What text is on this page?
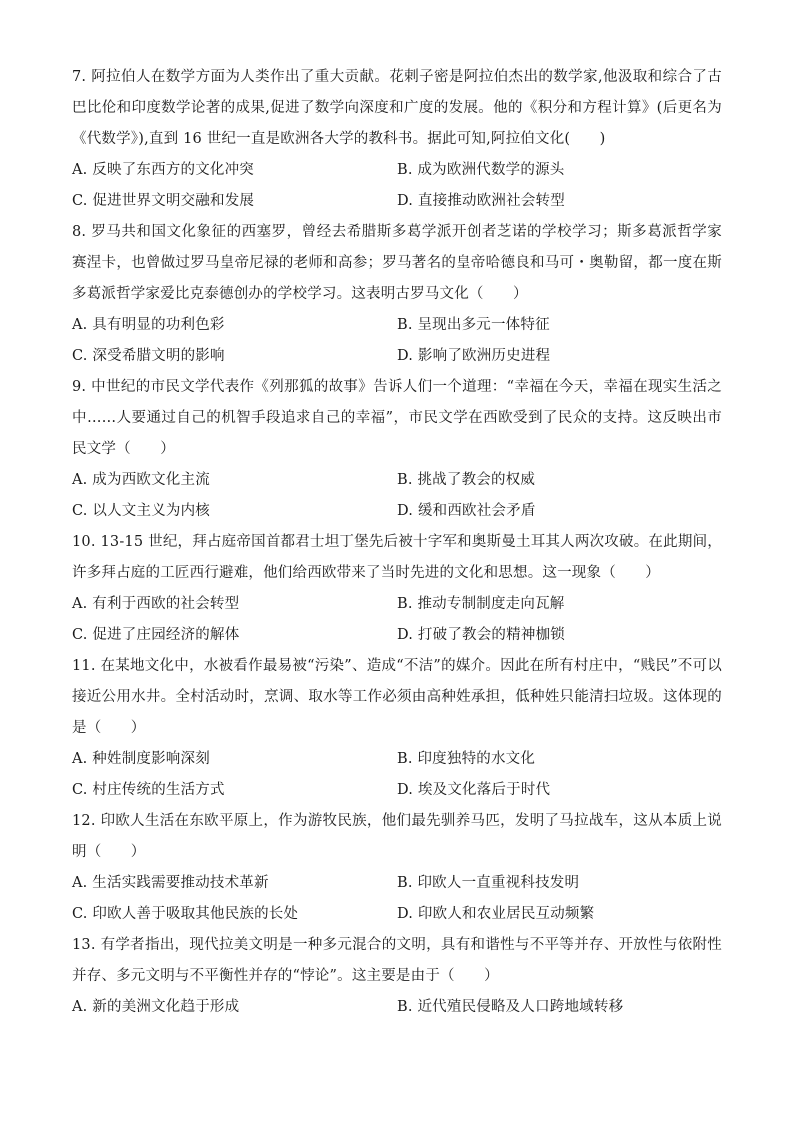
7. 阿拉伯人在数学方面为人类作出了重大贡献。花剌子密是阿拉伯杰出的数学家,他汲取和综合了古巴比伦和印度数学论著的成果,促进了数学向深度和广度的发展。他的《积分和方程计算》(后更名为《代数学》),直到 16 世纪一直是欧洲各大学的教科书。据此可知,阿拉伯文化(　　)

A. 反映了东西方的文化冲突	B. 成为欧洲代数学的源头
C. 促进世界文明交融和发展	D. 直接推动欧洲社会转型

8. 罗马共和国文化象征的西塞罗，曾经去希腊斯多葛学派开创者芝诺的学校学习；斯多葛派哲学家赛涅卡，也曾做过罗马皇帝尼禄的老师和高参；罗马著名的皇帝哈德良和马可・奥勒留，都一度在斯多葛派哲学家爱比克泰德创办的学校学习。这表明古罗马文化（　　）

A. 具有明显的功利色彩	B. 呈现出多元一体特征
C. 深受希腊文明的影响	D. 影响了欧洲历史进程

9. 中世纪的市民文学代表作《列那狐的故事》告诉人们一个道理：“幸福在今天，幸福在现实生活之中……人要通过自己的机智手段追求自己的幸福”，市民文学在西欧受到了民众的支持。这反映出市民文学（　　）

A. 成为西欧文化主流	B. 挑战了教会的权威
C. 以人文主义为内核	D. 缓和西欧社会矛盾

10. 13-15 世纪，拜占庭帝国首都君士坦丁堡先后被十字军和奥斯曼土耳其人两次攻破。在此期间，许多拜占庭的工匠西行避难，他们给西欧带来了当时先进的文化和思想。这一现象（　　）

A. 有利于西欧的社会转型	B. 推动专制制度走向瓦解
C. 促进了庄园经济的解体	D. 打破了教会的精神枷锁

11. 在某地文化中，水被看作最易被“污染”、造成“不洁”的媒介。因此在所有村庄中，“贱民”不可以接近公用水井。全村活动时，烹调、取水等工作必须由高种姓承担，低种姓只能清扫垃圾。这体现的是（　　）

A. 种姓制度影响深刻	B. 印度独特的水文化
C. 村庄传统的生活方式	D. 埃及文化落后于时代

12. 印欧人生活在东欧平原上，作为游牧民族，他们最先驯养马匹，发明了马拉战车，这从本质上说明（　　）

A. 生活实践需要推动技术革新	B. 印欧人一直重视科技发明
C. 印欧人善于吸取其他民族的长处	D. 印欧人和农业居民互动频繁

13. 有学者指出，现代拉美文明是一种多元混合的文明，具有和谐性与不平等并存、开放性与依附性并存、多元文明与不平衡性并存的“悖论”。这主要是由于（　　）

A. 新的美洲文化趋于形成	B. 近代殖民侵略及人口跨地域转移
